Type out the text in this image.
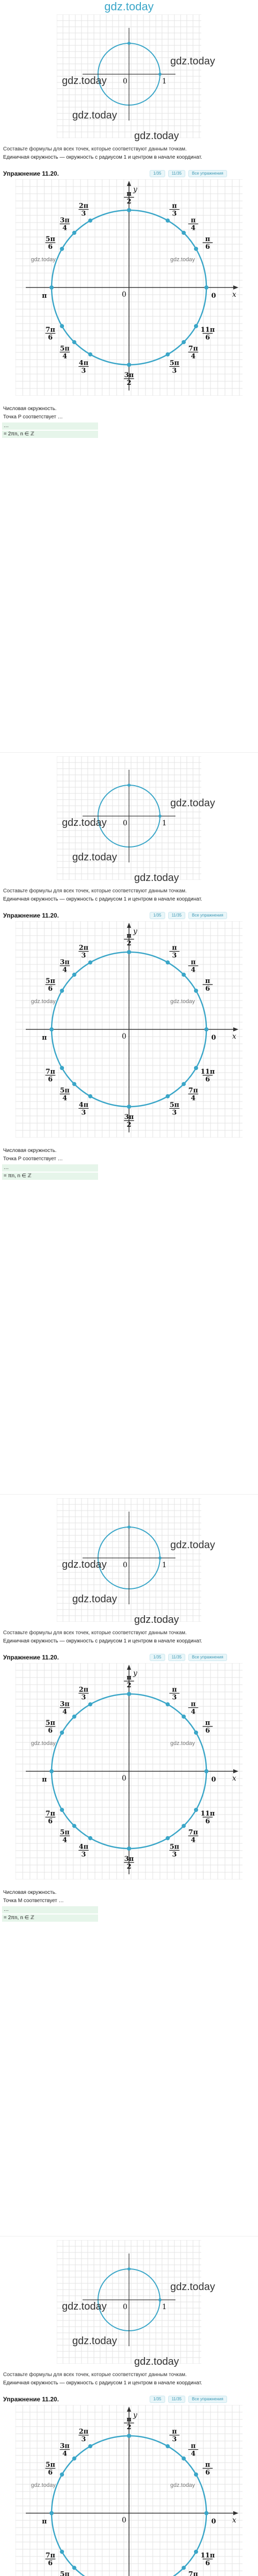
gdz.today
0	1
gdz.today
gdz.today
gdz.today
gdz.today
Составьте формулы для всех точек, которые соответствуют данным точкам.
Единичная окружность — окружность с радиусом 1 и центром в начале координат.
Упражнение 11.20.	1/35	11/35	Все упражнения
y
x
0
π
2
π
3
π
4
π
6
0
11π
6
7π
4
5π
3
3π
2
4π
3
5π
4
7π
6
π
5π
6
3π
4
2π
3
gdz.today	gdz.today
Числовая окружность.
Точка P соответствует …
…
= 2πn, n ∈ ℤ
0	1
gdz.today
gdz.today
gdz.today
gdz.today
Составьте формулы для всех точек, которые соответствуют данным точкам.
Единичная окружность — окружность с радиусом 1 и центром в начале координат.
Упражнение 11.20.	1/35	11/35	Все упражнения
y
x
0
π
2
π
3
π
4
π
6
0
11π
6
7π
4
5π
3
3π
2
4π
3
5π
4
7π
6
π
5π
6
3π
4
2π
3
gdz.today	gdz.today
Числовая окружность.
Точка P соответствует …
…
= πn, n ∈ ℤ
0	1
gdz.today
gdz.today
gdz.today
gdz.today
Составьте формулы для всех точек, которые соответствуют данным точкам.
Единичная окружность — окружность с радиусом 1 и центром в начале координат.
Упражнение 11.20.	1/35	11/35	Все упражнения
y
x
0
π
2
π
3
π
4
π
6
0
11π
6
7π
4
5π
3
3π
2
4π
3
5π
4
7π
6
π
5π
6
3π
4
2π
3
gdz.today	gdz.today
Числовая окружность.
Точка M соответствует …
…
= 2πn, n ∈ ℤ
0	1
gdz.today
gdz.today
gdz.today
gdz.today
Составьте формулы для всех точек, которые соответствуют данным точкам.
Единичная окружность — окружность с радиусом 1 и центром в начале координат.
Упражнение 11.20.	1/35	11/35	Все упражнения
y
x
0
π
2
π
3
π
4
π
6
0
11π
6
7π
5π
7π
6
π
5π
6
3π
4
2π
3
gdz.today	gdz.today
